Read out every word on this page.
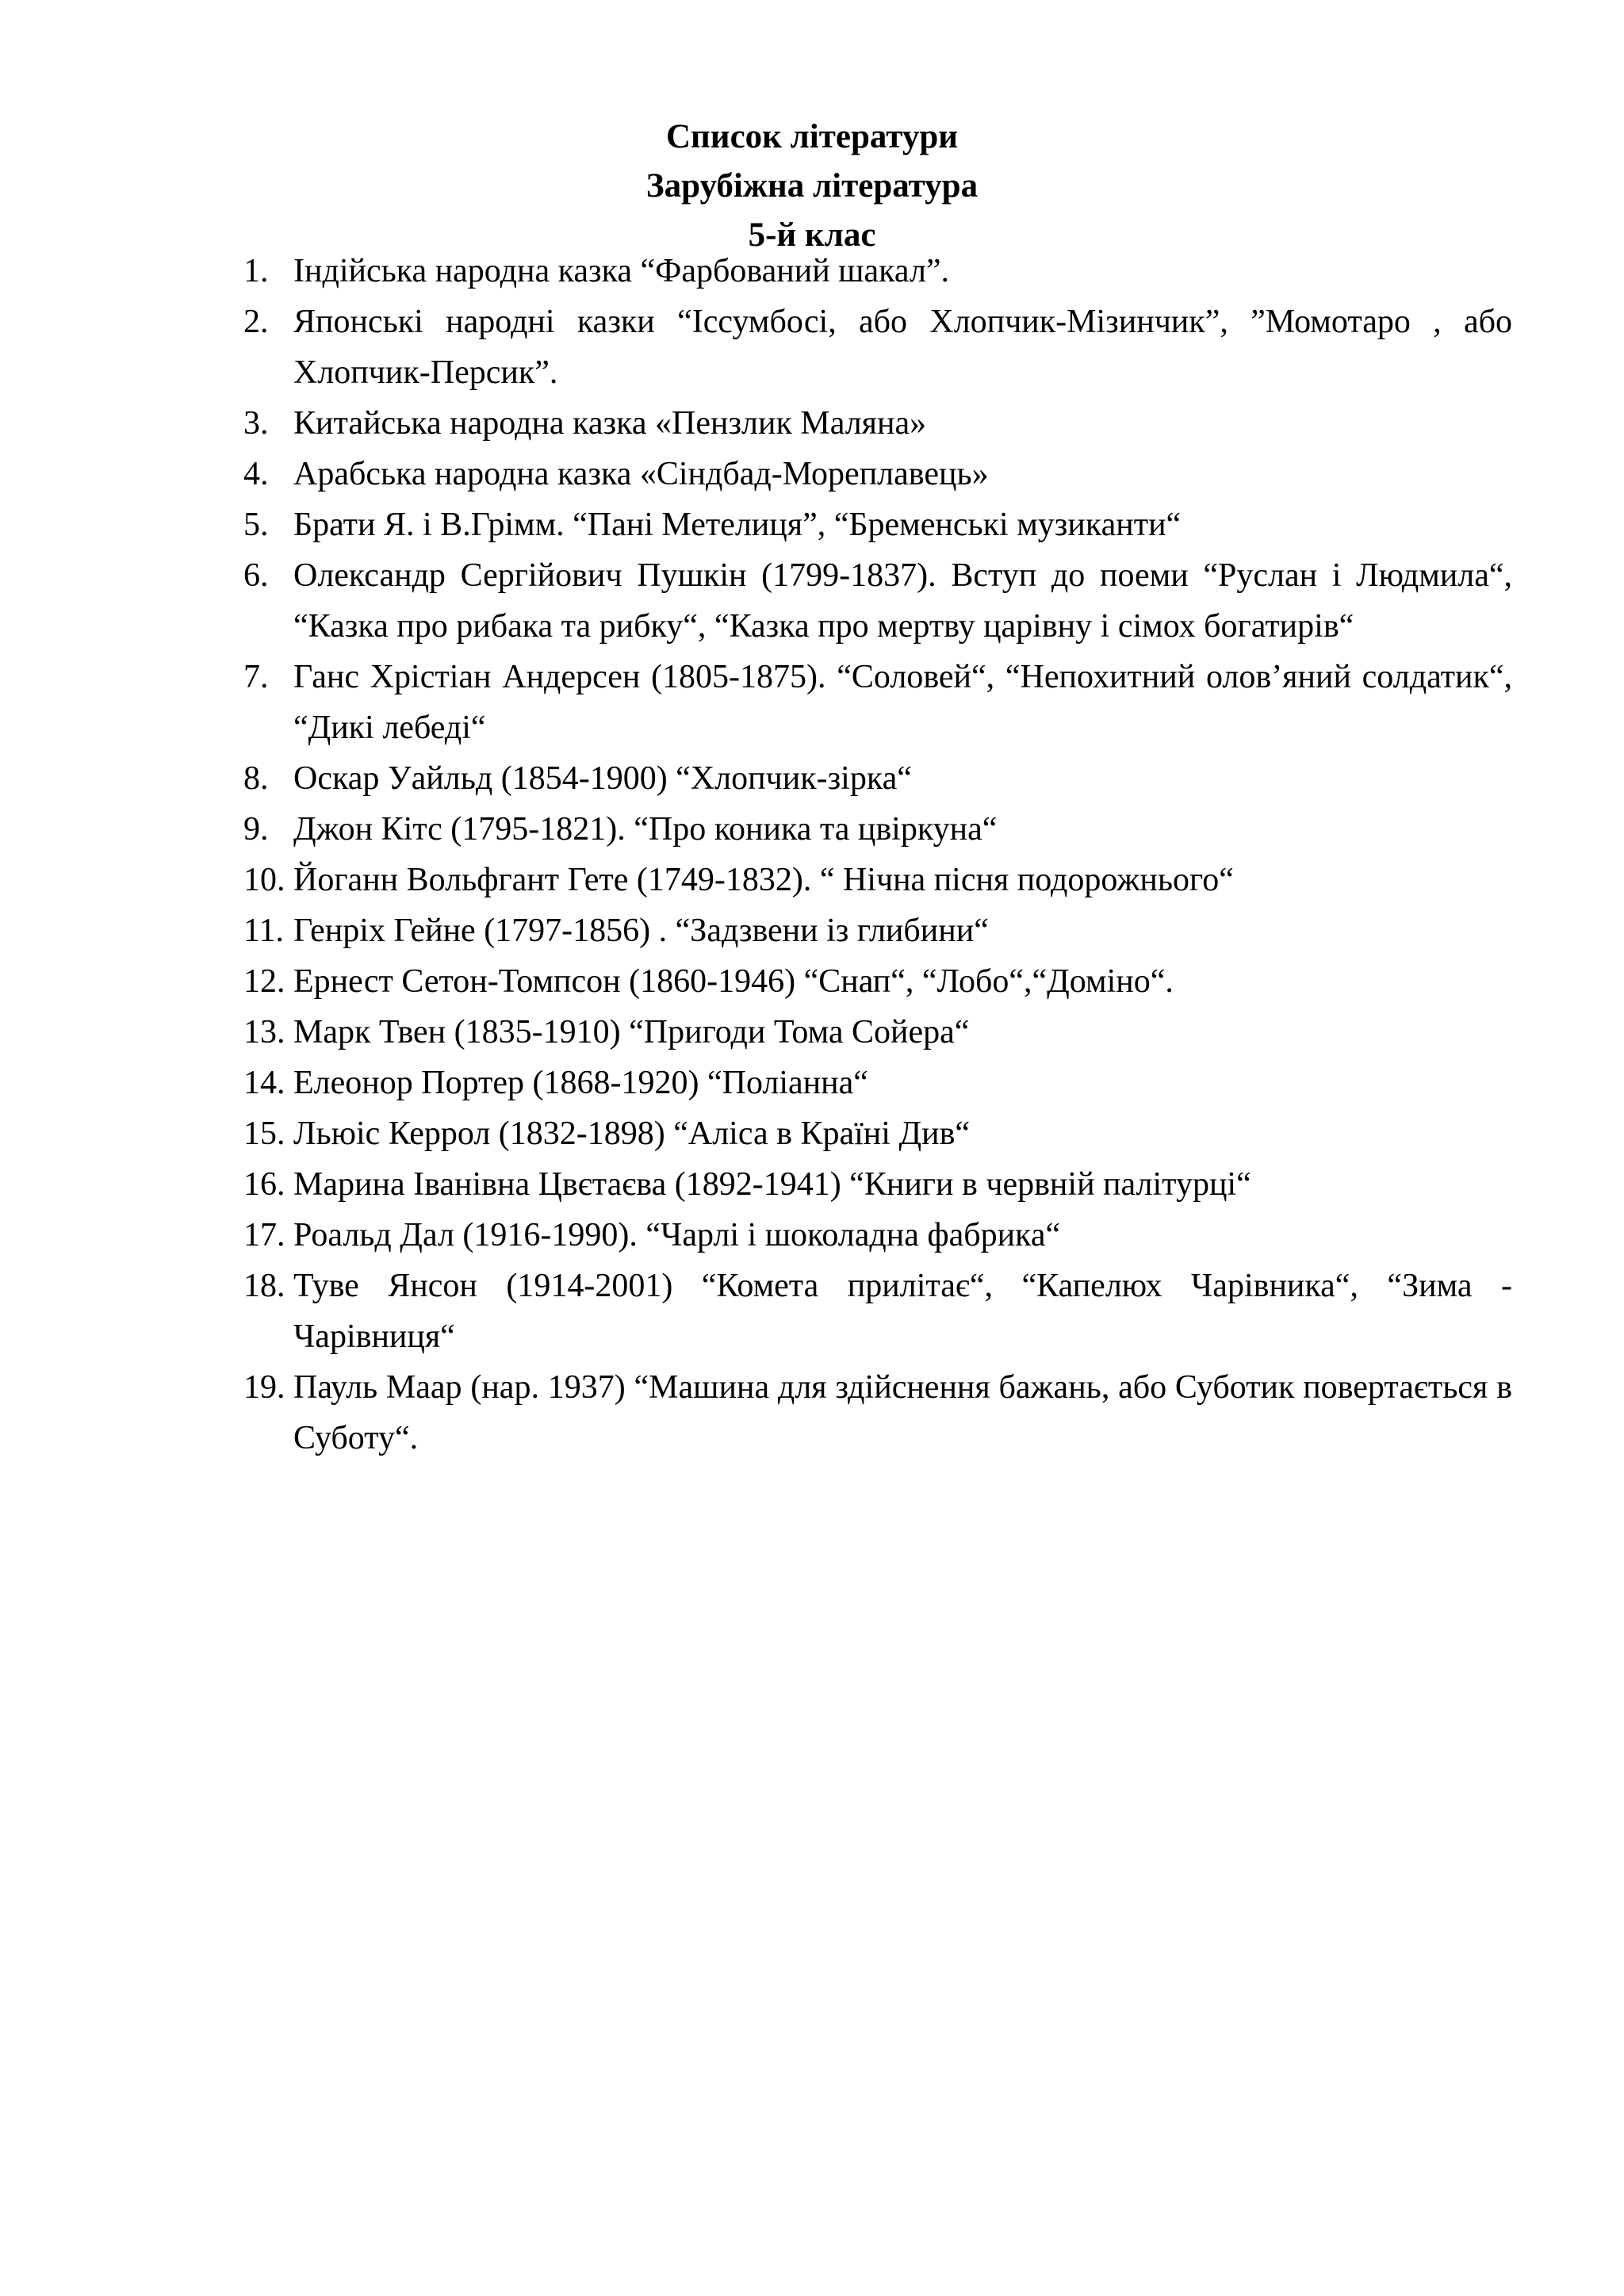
Список літератури
Зарубіжна література
5-й клас
1. Індійська народна казка “Фарбований шакал”.
2. Японські народні казки “Іссумбосі, або Хлопчик-Мізинчик”, ”Момотаро , або Хлопчик-Персик”.
3. Китайська народна казка «Пензлик Маляна»
4. Арабська народна казка «Сіндбад-Мореплавець»
5. Брати Я. і В.Грімм. “Пані Метелиця”, “Бременські музиканти“
6. Олександр Сергійович Пушкін (1799-1837). Вступ до поеми “Руслан і Людмила“, “Казка про рибака та рибку“, “Казка про мертву царівну і сімох богатирів“
7. Ганс Хрістіан Андерсен (1805-1875). “Соловей“, “Непохитний олов’яний солдатик“, “Дикі лебеді“
8. Оскар Уайльд (1854-1900) “Хлопчик-зірка“
9. Джон Кітс (1795-1821). “Про коника та цвіркуна“
10. Йоганн Вольфгант Гете (1749-1832). “ Нічна пісня подорожнього“
11. Генріх Гейне (1797-1856) . “Задзвени із глибини“
12. Ернест Сетон-Томпсон (1860-1946) “Снап“, “Лобо“,“Доміно“.
13. Марк Твен (1835-1910) “Пригоди Тома Сойера“
14. Елеонор Портер (1868-1920) “Поліанна“
15. Льюіс Керрол (1832-1898) “Аліса в Країні Див“
16. Марина Іванівна Цвєтаєва (1892-1941) “Книги в червній палітурці“
17. Роальд Дал (1916-1990). “Чарлі і шоколадна фабрика“
18. Туве Янсон (1914-2001) “Комета прилітає“, “Капелюх Чарівника“, “Зима - Чарівниця“
19. Пауль Маар (нар. 1937) “Машина для здійснення бажань, або Суботик повертається в Суботу“.
